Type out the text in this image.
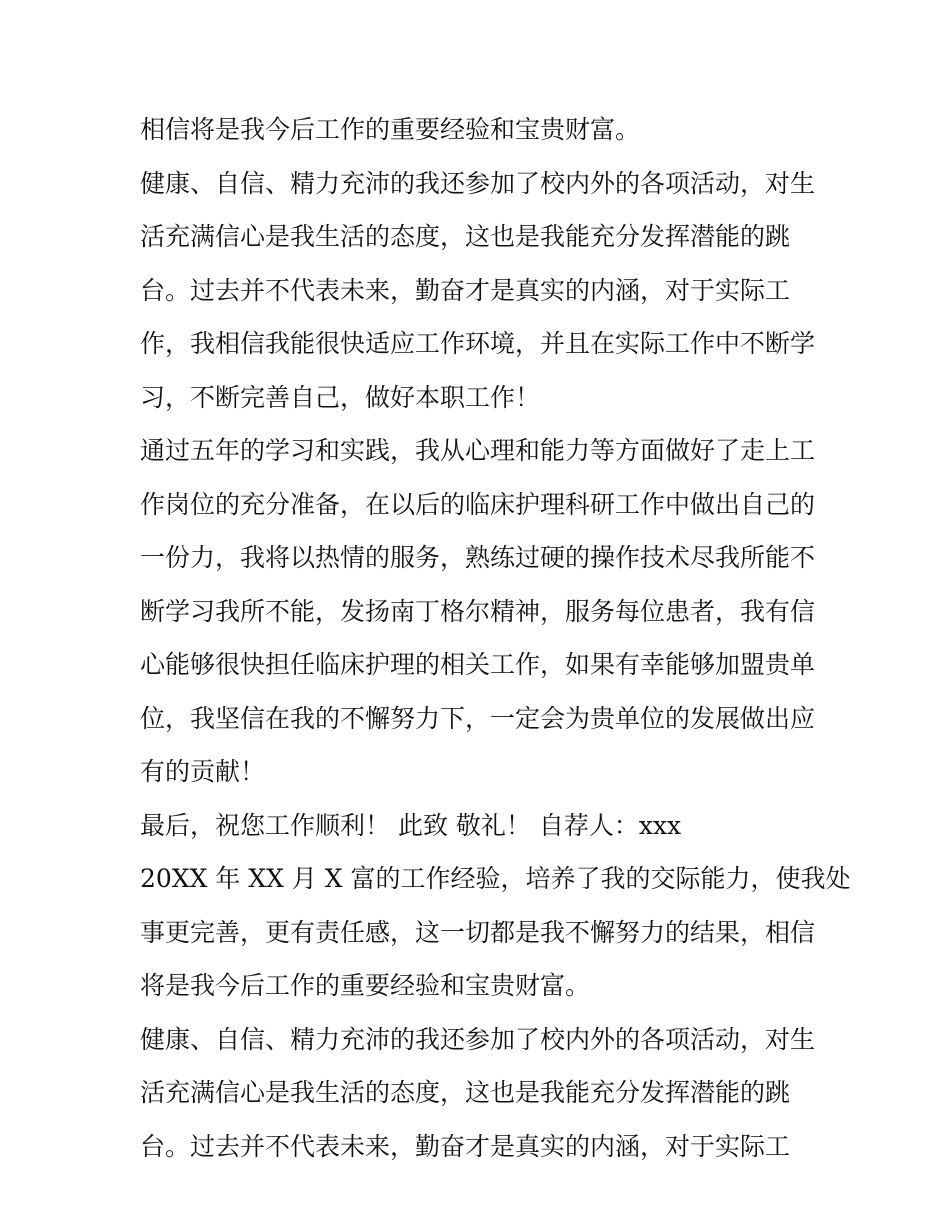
相信将是我今后工作的重要经验和宝贵财富。
健康、自信、精力充沛的我还参加了校内外的各项活动，对生
活充满信心是我生活的态度，这也是我能充分发挥潜能的跳
台。过去并不代表未来，勤奋才是真实的内涵，对于实际工
作，我相信我能很快适应工作环境，并且在实际工作中不断学
习，不断完善自己，做好本职工作！
通过五年的学习和实践，我从心理和能力等方面做好了走上工
作岗位的充分准备，在以后的临床护理科研工作中做出自己的
一份力，我将以热情的服务，熟练过硬的操作技术尽我所能不
断学习我所不能，发扬南丁格尔精神，服务每位患者，我有信
心能够很快担任临床护理的相关工作，如果有幸能够加盟贵单
位，我坚信在我的不懈努力下，一定会为贵单位的发展做出应
有的贡献！
最后，祝您工作顺利！ 此致 敬礼！ 自荐人：xxx
20XX 年 XX 月 X 富的工作经验，培养了我的交际能力，使我处
事更完善，更有责任感，这一切都是我不懈努力的结果，相信
将是我今后工作的重要经验和宝贵财富。
健康、自信、精力充沛的我还参加了校内外的各项活动，对生
活充满信心是我生活的态度，这也是我能充分发挥潜能的跳
台。过去并不代表未来，勤奋才是真实的内涵，对于实际工
